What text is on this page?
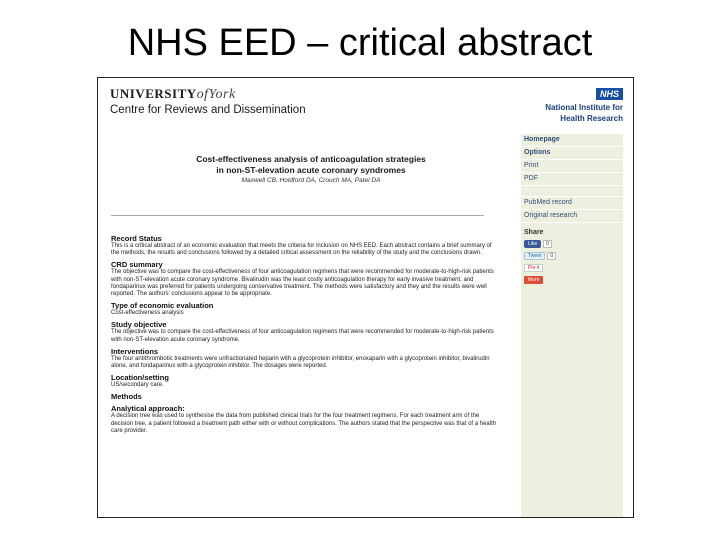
NHS EED – critical abstract
UNIVERSITYofYork
Centre for Reviews and Dissemination
NHS
National Institute for
Health Research
Homepage
Options
Print
PDF
PubMed record
Original research
Share
Like	0
Tweet	0
Pin it
More
Cost-effectiveness analysis of anticoagulation strategies
in non-ST-elevation acute coronary syndromes
Maxwell CB, Holdford DA, Crouch MA, Patel DA
Record Status
This is a critical abstract of an economic evaluation that meets the criteria for inclusion on NHS EED. Each abstract contains a brief summary of the methods, the results and conclusions followed by a detailed critical assessment on the reliability of the study and the conclusions drawn.
CRD summary
The objective was to compare the cost-effectiveness of four anticoagulation regimens that were recommended for moderate-to-high-risk patients with non-ST-elevation acute coronary syndrome. Bivalirudin was the least costly anticoagulation therapy for early invasive treatment, and fondaparinux was preferred for patients undergoing conservative treatment. The methods were satisfactory and they and the results were well reported. The authors' conclusions appear to be appropriate.
Type of economic evaluation
Cost-effectiveness analysis
Study objective
The objective was to compare the cost-effectiveness of four anticoagulation regimens that were recommended for moderate-to-high-risk patients with non-ST-elevation acute coronary syndrome.
Interventions
The four antithrombotic treatments were unfractionated heparin with a glycoprotein inhibitor, enoxaparin with a glycoprotein inhibitor, bivalirudin alone, and fondaparinux with a glycoprotein inhibitor. The dosages were reported.
Location/setting
US/secondary care.
Methods
Analytical approach:
A decision tree was used to synthesise the data from published clinical trials for the four treatment regimens. For each treatment arm of the decision tree, a patient followed a treatment path either with or without complications. The authors stated that the perspective was that of a health care provider.
